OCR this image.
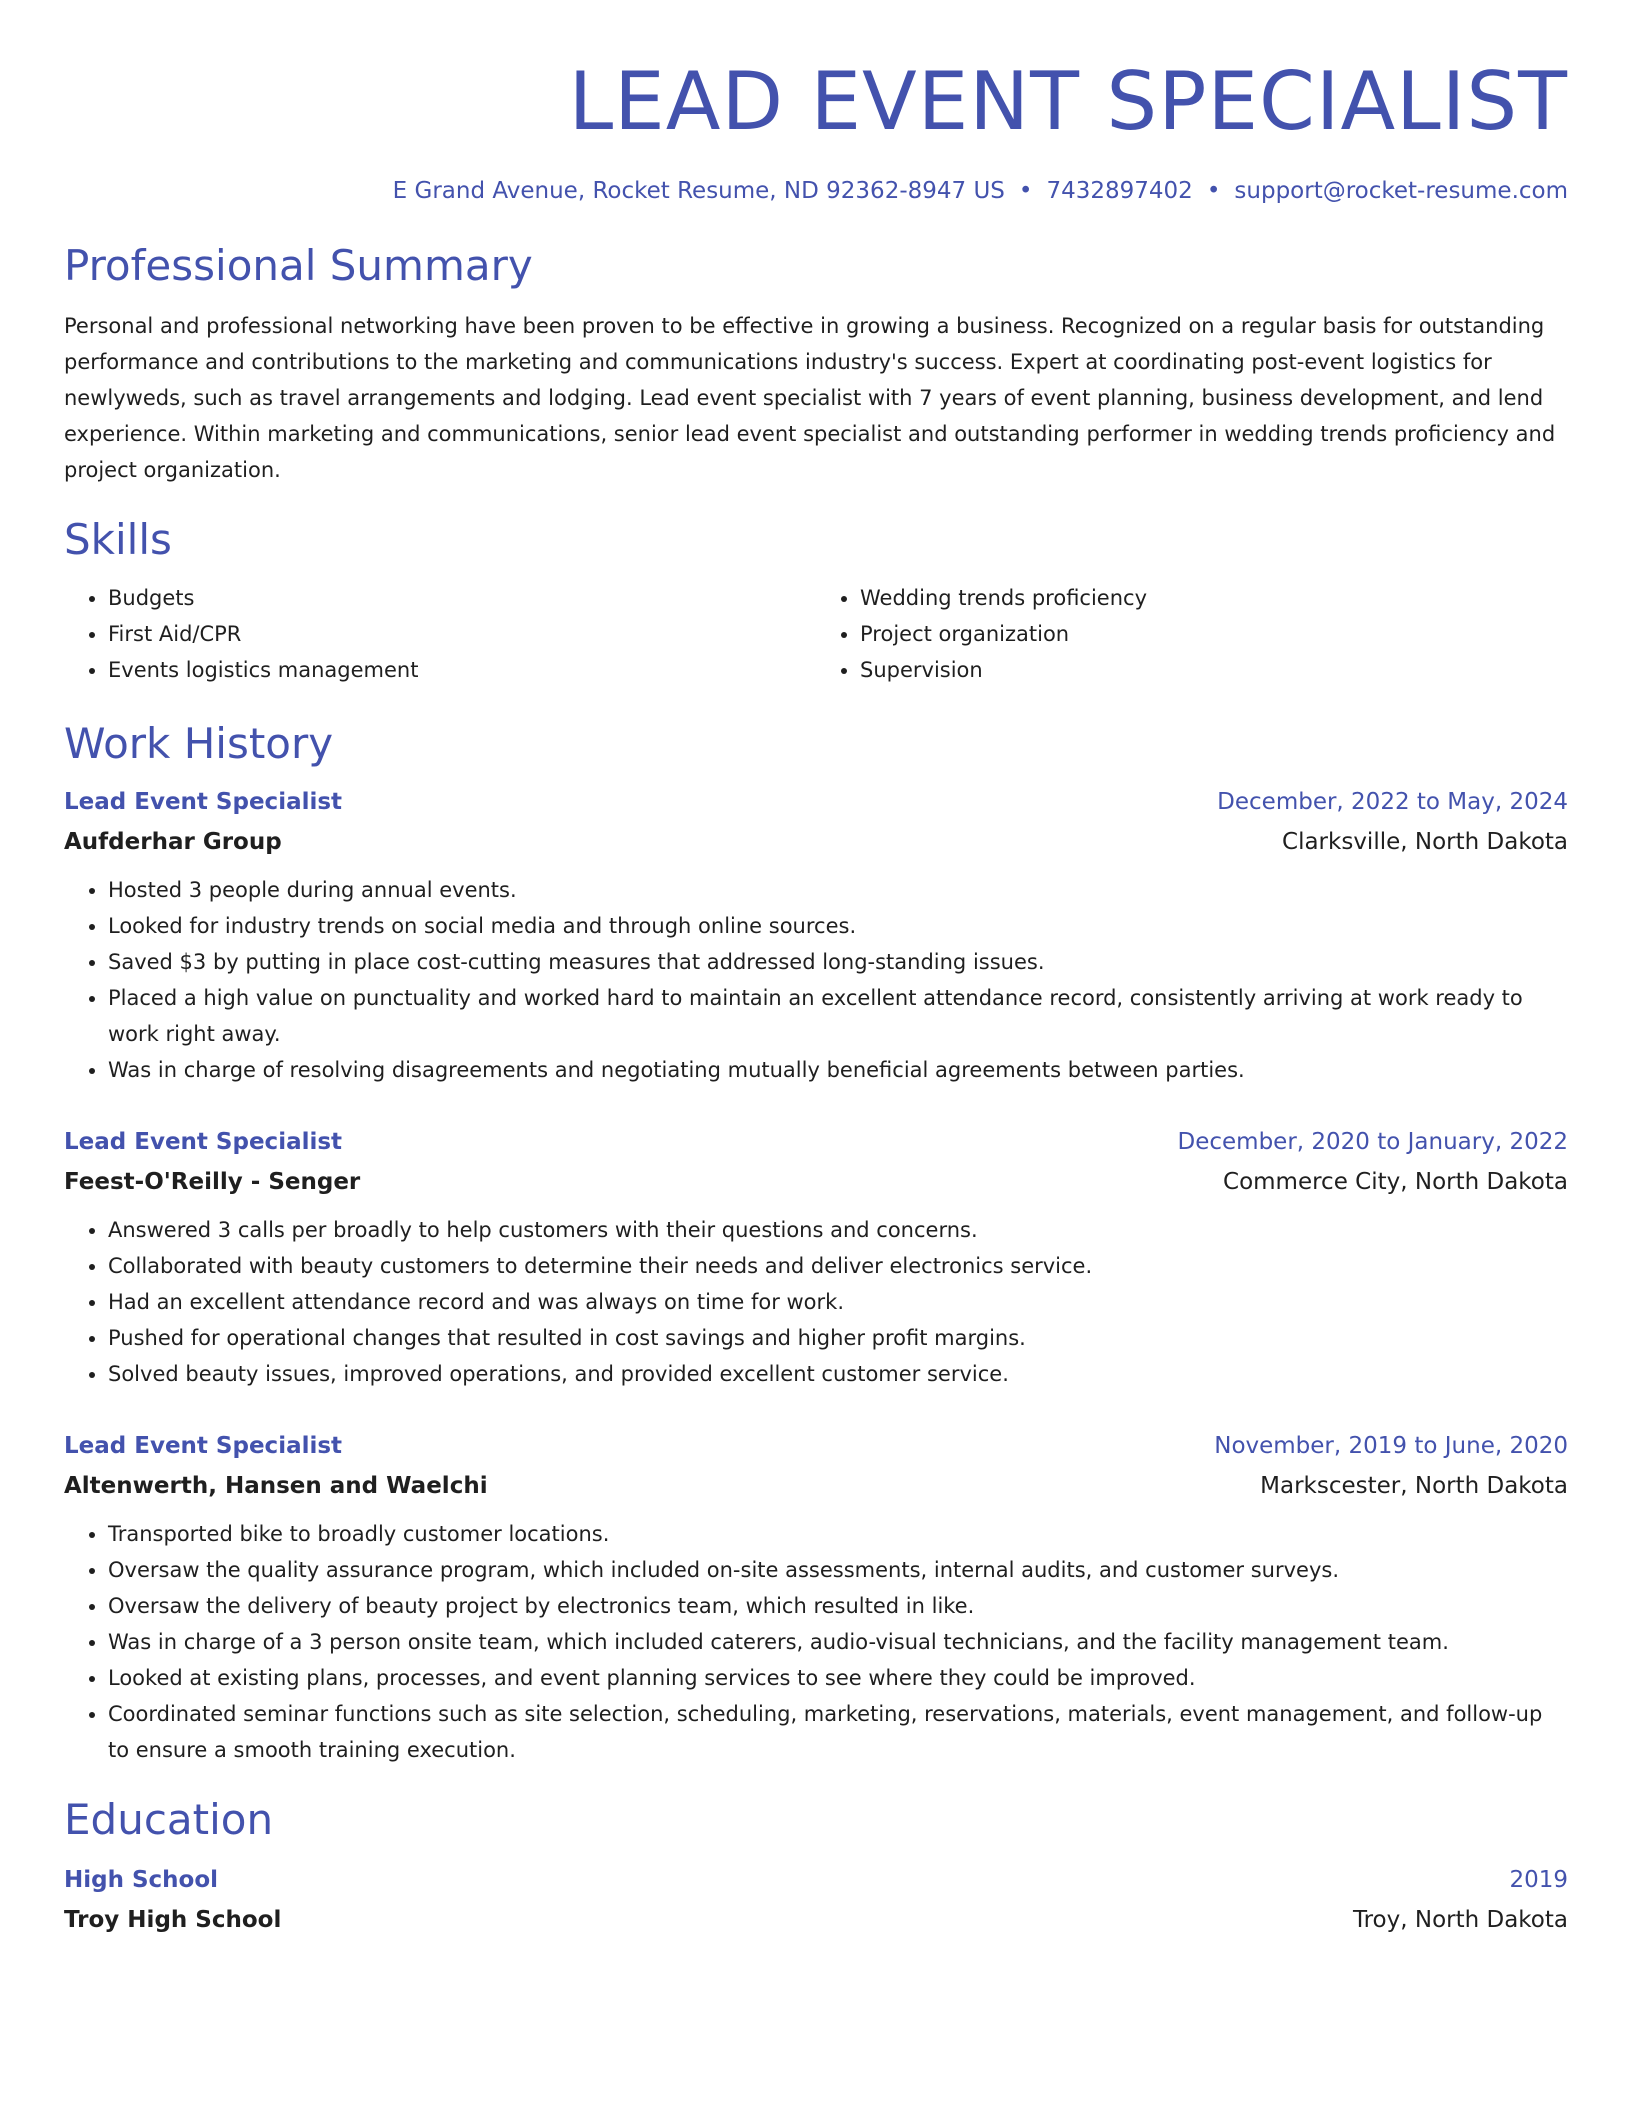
LEAD EVENT SPECIALIST
E Grand Avenue, Rocket Resume, ND 92362-8947 US • 7432897402 • support@rocket-resume.com
Professional Summary

Personal and professional networking have been proven to be effective in growing a business. Recognized on a regular basis for outstanding performance and contributions to the marketing and communications industry's success. Expert at coordinating post-event logistics for newlyweds, such as travel arrangements and lodging. Lead event specialist with 7 years of event planning, business development, and lend experience. Within marketing and communications, senior lead event specialist and outstanding performer in wedding trends proficiency and project organization.

Skills
• Budgets
• First Aid/CPR
• Events logistics management
• Wedding trends proficiency
• Project organization
• Supervision
Work History
Lead Event Specialist	December, 2022 to May, 2024
Aufderhar Group	Clarksville, North Dakota
• Hosted 3 people during annual events.
• Looked for industry trends on social media and through online sources.
• Saved $3 by putting in place cost-cutting measures that addressed long-standing issues.
• Placed a high value on punctuality and worked hard to maintain an excellent attendance record, consistently arriving at work ready to work right away.
• Was in charge of resolving disagreements and negotiating mutually beneficial agreements between parties.
Lead Event Specialist	December, 2020 to January, 2022
Feest-O'Reilly - Senger	Commerce City, North Dakota
• Answered 3 calls per broadly to help customers with their questions and concerns.
• Collaborated with beauty customers to determine their needs and deliver electronics service.
• Had an excellent attendance record and was always on time for work.
• Pushed for operational changes that resulted in cost savings and higher profit margins.
• Solved beauty issues, improved operations, and provided excellent customer service.
Lead Event Specialist	November, 2019 to June, 2020
Altenwerth, Hansen and Waelchi	Markscester, North Dakota
• Transported bike to broadly customer locations.
• Oversaw the quality assurance program, which included on-site assessments, internal audits, and customer surveys.
• Oversaw the delivery of beauty project by electronics team, which resulted in like.
• Was in charge of a 3 person onsite team, which included caterers, audio-visual technicians, and the facility management team.
• Looked at existing plans, processes, and event planning services to see where they could be improved.
• Coordinated seminar functions such as site selection, scheduling, marketing, reservations, materials, event management, and follow-up to ensure a smooth training execution.
Education
High School	2019
Troy High School	Troy, North Dakota
